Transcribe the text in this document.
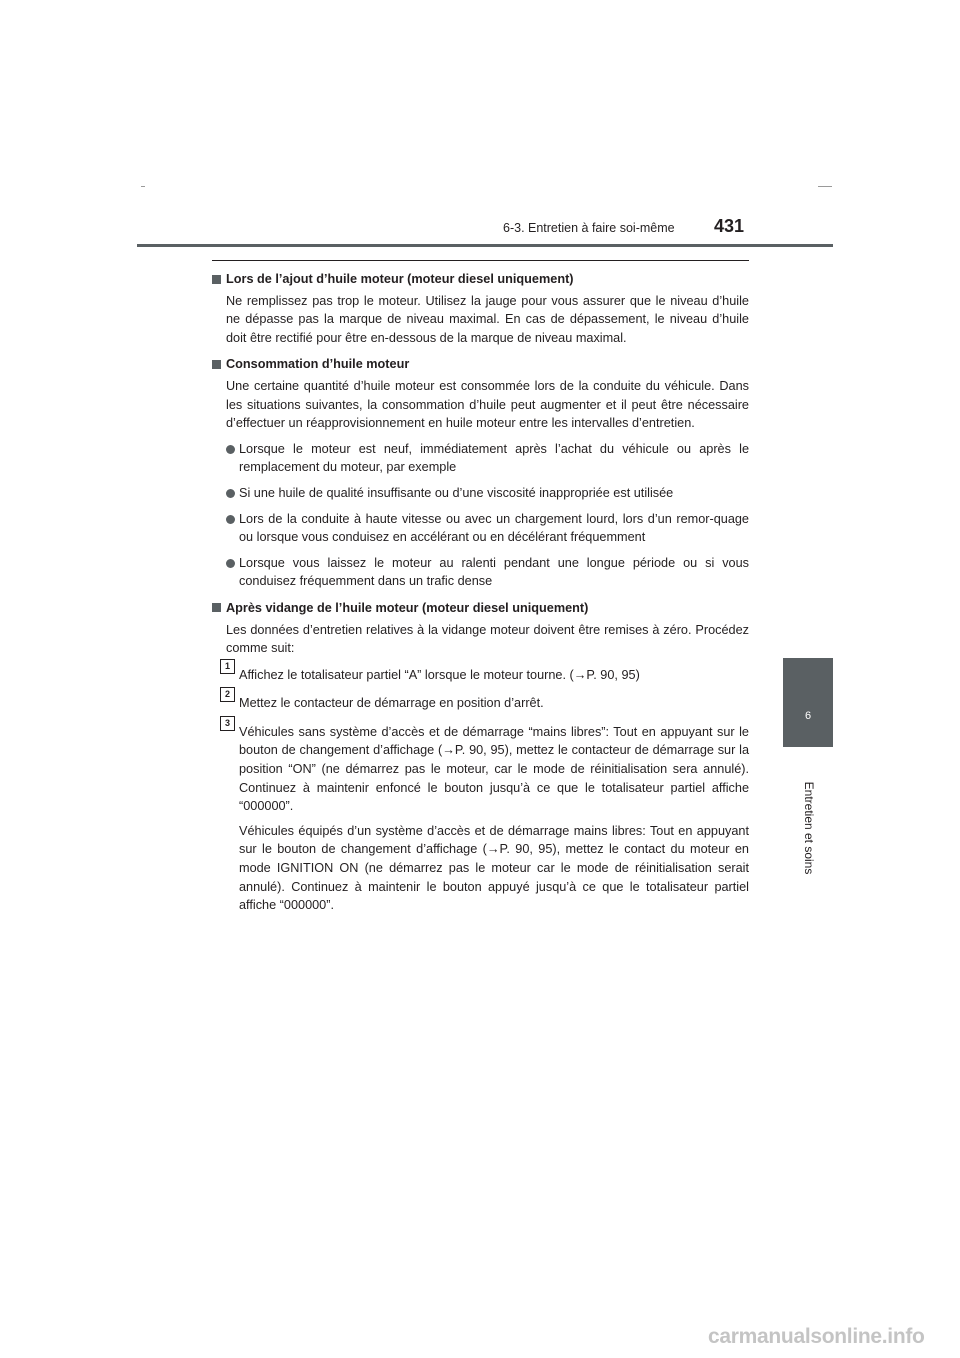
6-3. Entretien à faire soi-même 431
6
Entretien et soins
Lors de l’ajout d’huile moteur (moteur diesel uniquement)

Ne remplissez pas trop le moteur. Utilisez la jauge pour vous assurer que le niveau d’huile ne dépasse pas la marque de niveau maximal. En cas de dépassement, le niveau d’huile doit être rectifié pour être en-dessous de la marque de niveau maximal.

Consommation d’huile moteur

Une certaine quantité d’huile moteur est consommée lors de la conduite du véhicule. Dans les situations suivantes, la consommation d’huile peut augmenter et il peut être nécessaire d’effectuer un réapprovisionnement en huile moteur entre les intervalles d’entretien.

Lorsque le moteur est neuf, immédiatement après l’achat du véhicule ou après le remplacement du moteur, par exemple
Si une huile de qualité insuffisante ou d’une viscosité inappropriée est utilisée
Lors de la conduite à haute vitesse ou avec un chargement lourd, lors d’un remor-quage ou lorsque vous conduisez en accélérant ou en décélérant fréquemment
Lorsque vous laissez le moteur au ralenti pendant une longue période ou si vous conduisez fréquemment dans un trafic dense
Après vidange de l’huile moteur (moteur diesel uniquement)

Les données d’entretien relatives à la vidange moteur doivent être remises à zéro. Procédez comme suit:

1

Affichez le totalisateur partiel “A” lorsque le moteur tourne. (→P. 90, 95)

2

Mettez le contacteur de démarrage en position d’arrêt.

3

Véhicules sans système d’accès et de démarrage “mains libres”: Tout en appuyant sur le bouton de changement d’affichage (→P. 90, 95), mettez le contacteur de démarrage sur la position “ON” (ne démarrez pas le moteur, car le mode de réinitialisation sera annulé). Continuez à maintenir enfoncé le bouton jusqu’à ce que le totalisateur partiel affiche “000000”.

Véhicules équipés d’un système d’accès et de démarrage mains libres: Tout en appuyant sur le bouton de changement d’affichage (→P. 90, 95), mettez le contact du moteur en mode IGNITION ON (ne démarrez pas le moteur car le mode de réinitialisation serait annulé). Continuez à maintenir le bouton appuyé jusqu’à ce que le totalisateur partiel affiche “000000”.

carmanualsonline.info
